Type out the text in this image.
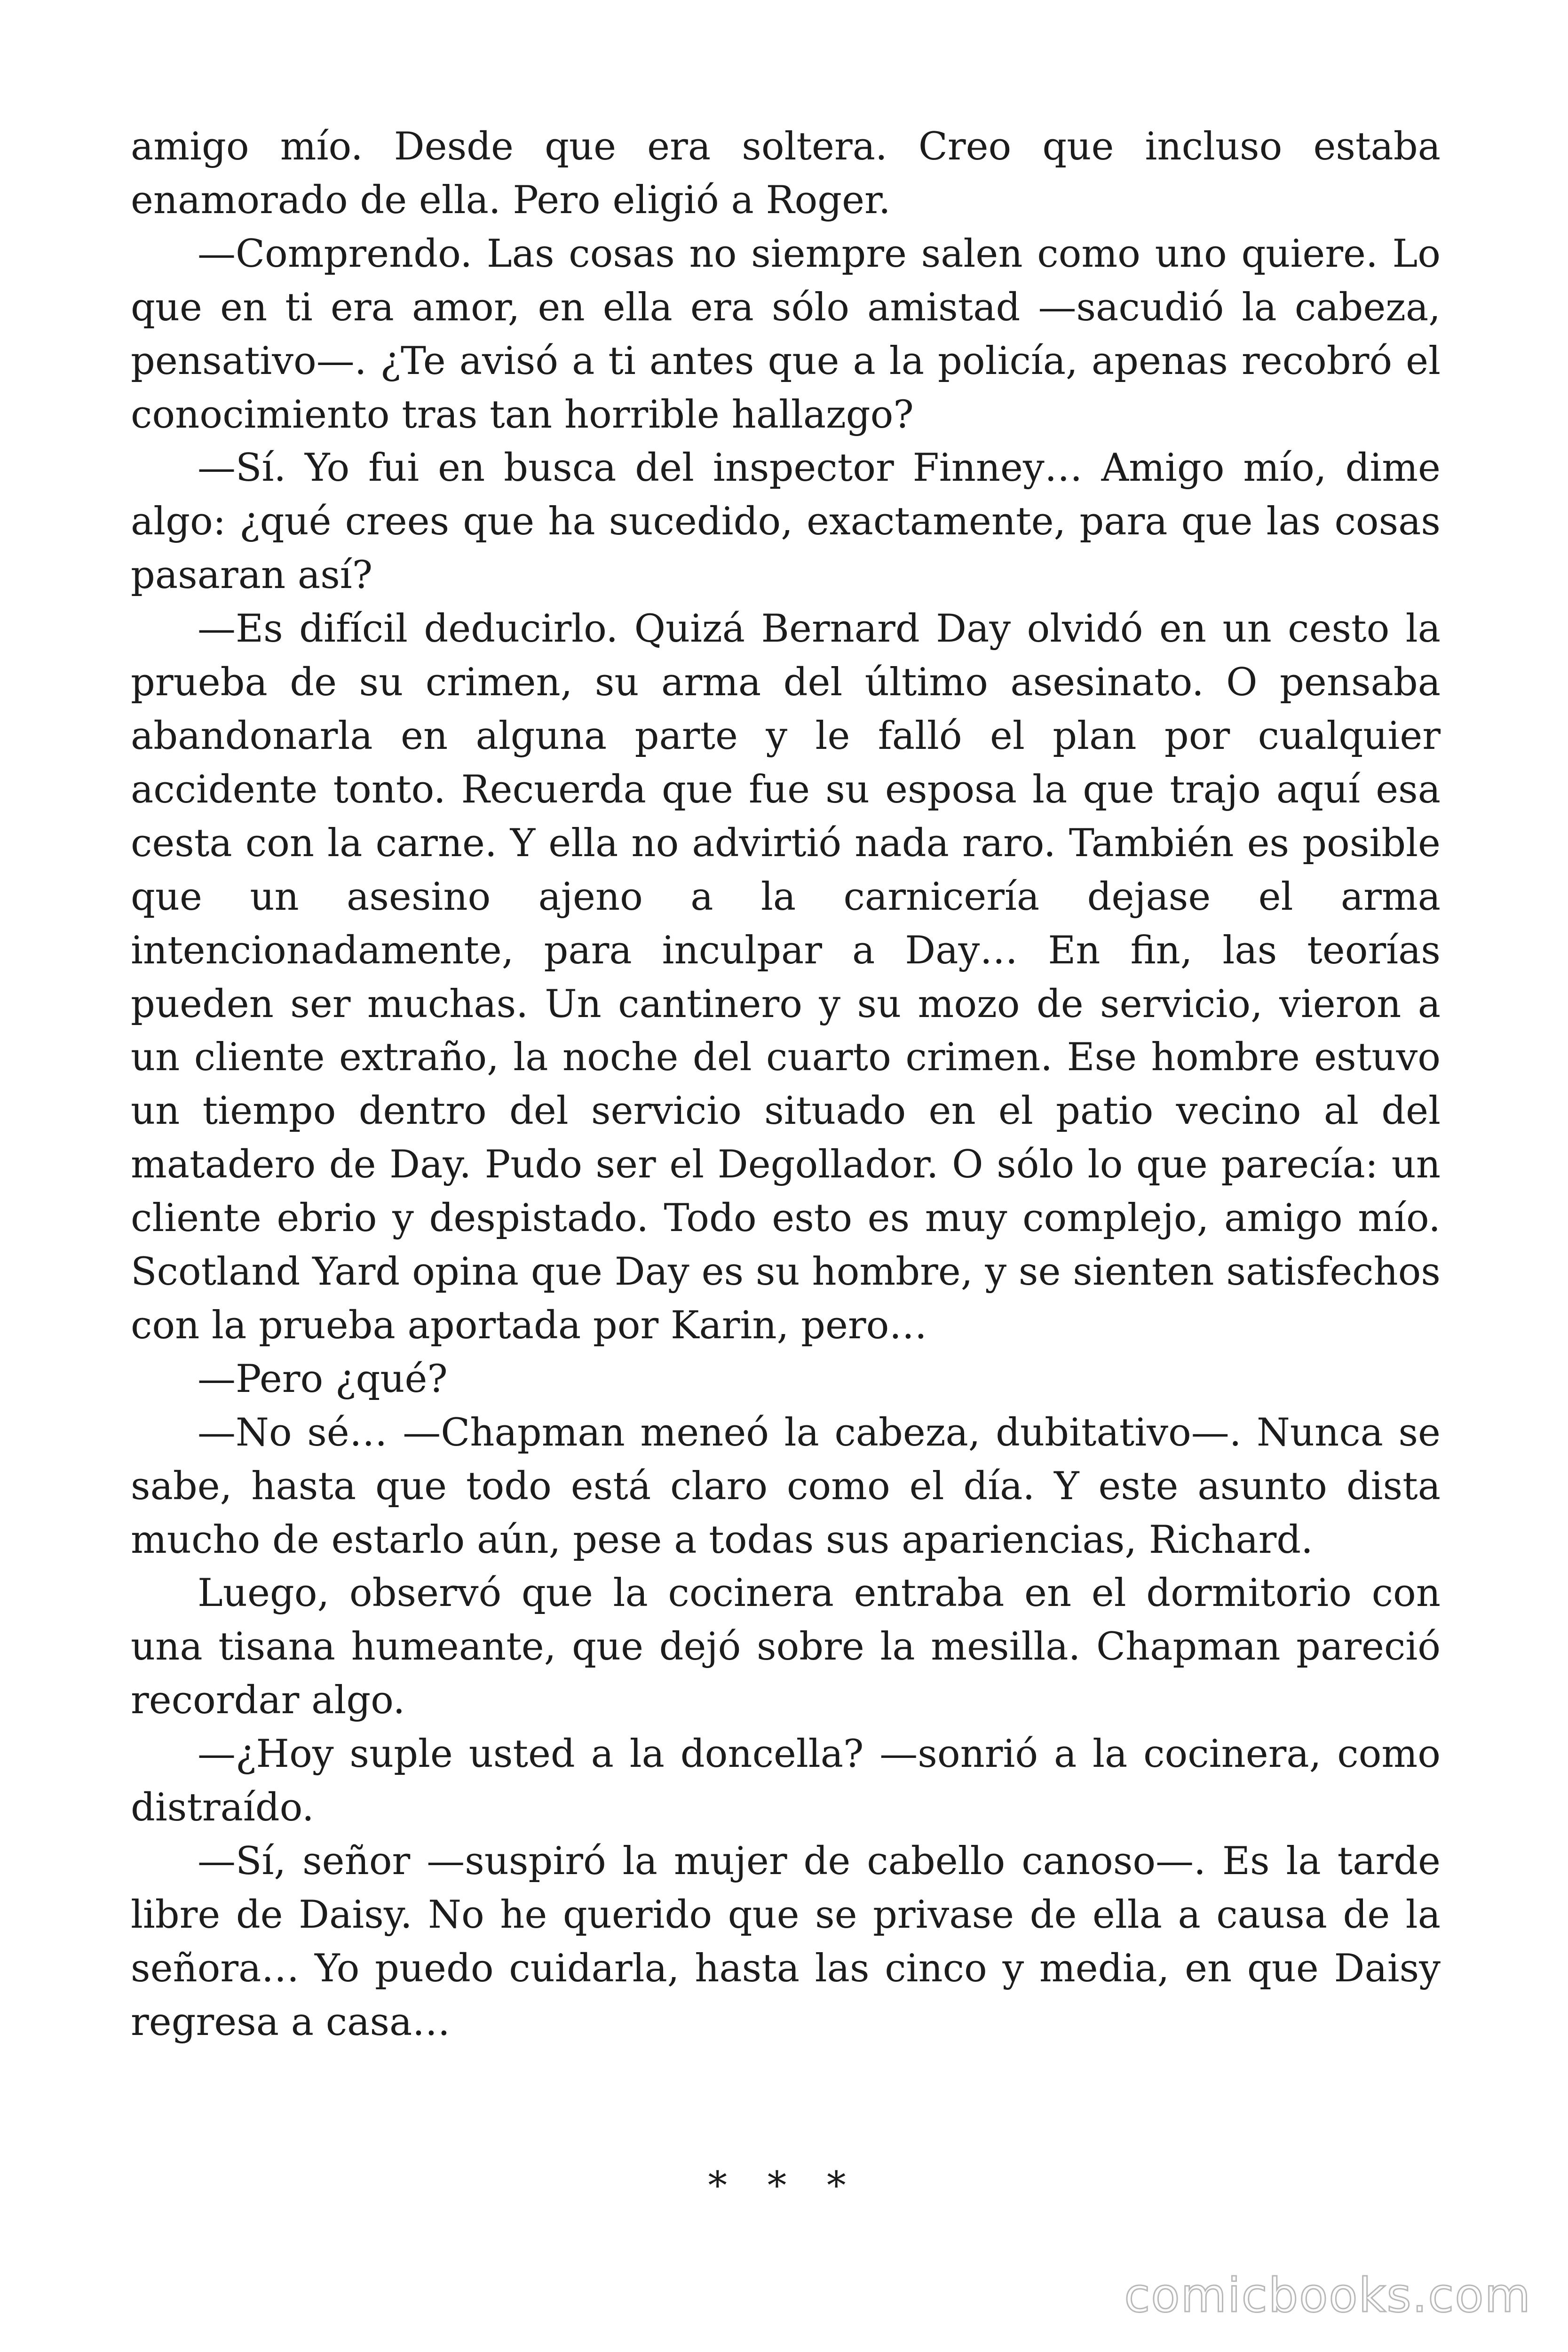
amigo mío. Desde que era soltera. Creo que incluso estaba enamorado de ella. Pero eligió a Roger.

—Comprendo. Las cosas no siempre salen como uno quiere. Lo que en ti era amor, en ella era sólo amistad —sacudió la cabeza, pensativo—. ¿Te avisó a ti antes que a la policía, apenas recobró el conocimiento tras tan horrible hallazgo?

—Sí. Yo fui en busca del inspector Finney… Amigo mío, dime algo: ¿qué crees que ha sucedido, exactamente, para que las cosas pasaran así?

—Es difícil deducirlo. Quizá Bernard Day olvidó en un cesto la prueba de su crimen, su arma del último asesinato. O pensaba abandonarla en alguna parte y le falló el plan por cualquier accidente tonto. Recuerda que fue su esposa la que trajo aquí esa cesta con la carne. Y ella no advirtió nada raro. También es posible que un asesino ajeno a la carnicería dejase el arma intencionadamente, para inculpar a Day… En fin, las teorías pueden ser muchas. Un cantinero y su mozo de servicio, vieron a un cliente extraño, la noche del cuarto crimen. Ese hombre estuvo un tiempo dentro del servicio situado en el patio vecino al del matadero de Day. Pudo ser el Degollador. O sólo lo que parecía: un cliente ebrio y despistado. Todo esto es muy complejo, amigo mío. Scotland Yard opina que Day es su hombre, y se sienten satisfechos con la prueba aportada por Karin, pero…

—Pero ¿qué?

—No sé… —Chapman meneó la cabeza, dubitativo—. Nunca se sabe, hasta que todo está claro como el día. Y este asunto dista mucho de estarlo aún, pese a todas sus apariencias, Richard.

Luego, observó que la cocinera entraba en el dormitorio con una tisana humeante, que dejó sobre la mesilla. Chapman pareció recordar algo.

—¿Hoy suple usted a la doncella? —sonrió a la cocinera, como distraído.

—Sí, señor —suspiró la mujer de cabello canoso—. Es la tarde libre de Daisy. No he querido que se privase de ella a causa de la señora… Yo puedo cuidarla, hasta las cinco y media, en que Daisy regresa a casa…

* * *
comicbooks.com
